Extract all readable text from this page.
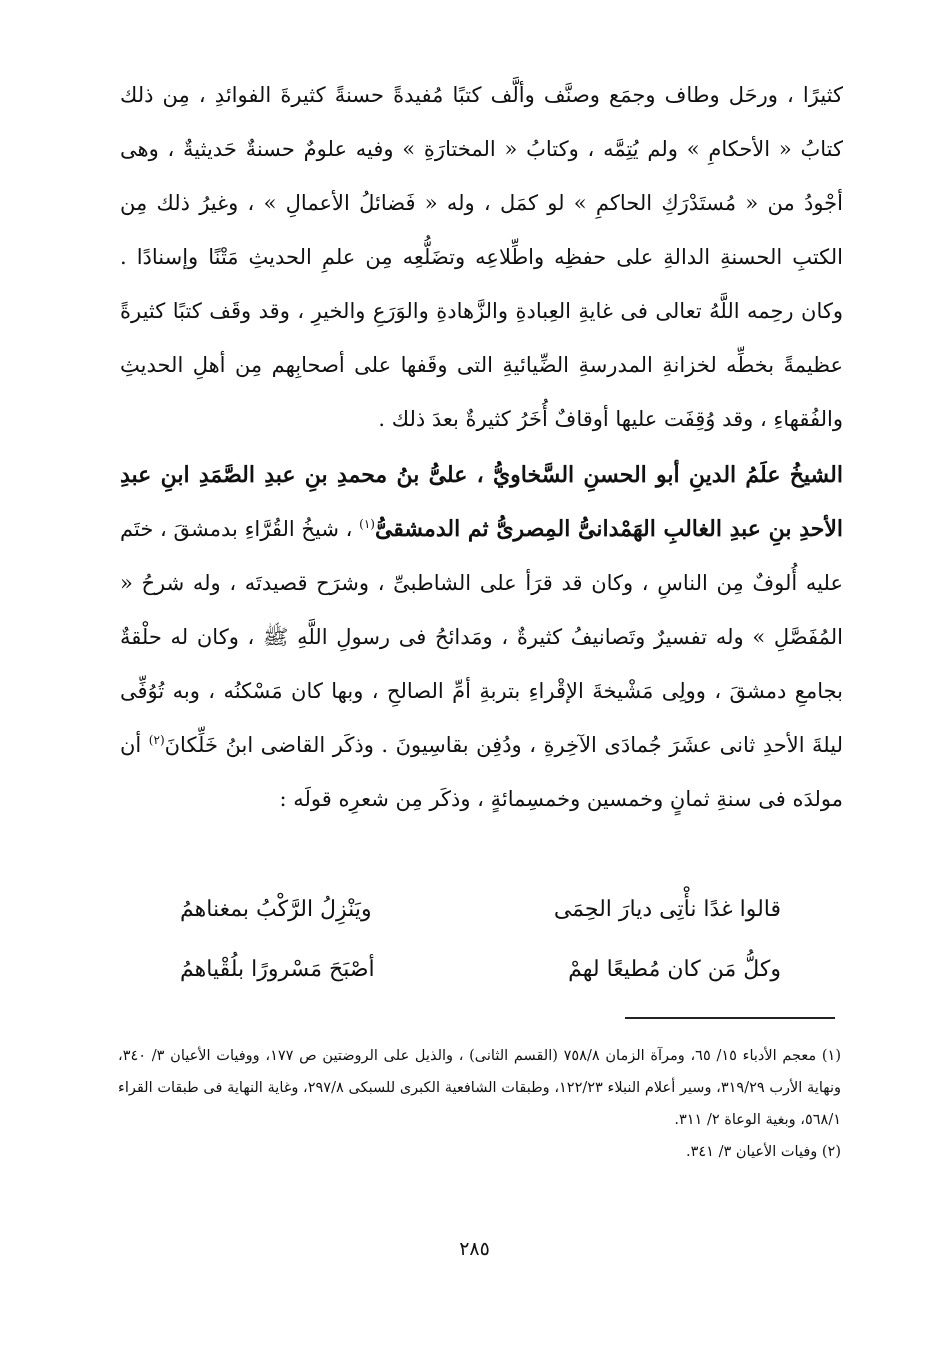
كثيرًا ، ورحَل وطاف وجمَع وصنَّف وألَّف كتبًا مُفيدةً حسنةً كثيرةَ الفوائدِ ، مِن ذلك كتابُ « الأحكامِ » ولم يُتِمَّه ، وكتابُ « المختارَةِ » وفيه علومٌ حسنةٌ حَديثيةٌ ، وهى أجْودُ من « مُستَدْرَكِ الحاكمِ » لو كمَل ، وله « فَضائلُ الأعمالِ » ، وغيرُ ذلك مِن الكتبِ الحسنةِ الدالةِ على حفظِه واطِّلاعِه وتضَلُّعِه مِن علمِ الحديثِ مَتْنًا وإسنادًا . وكان رحِمه اللَّهُ تعالى فى غايةِ العِبادةِ والزَّهادةِ والوَرَعِ والخيرِ ، وقد وقَف كتبًا كثيرةً عظيمةً بخطِّه لخزانةِ المدرسةِ الضِّيائيةِ التى وقَفها على أصحابِهم مِن أهلِ الحديثِ والفُقهاءِ ، وقد وُقِفَت عليها أوقافٌ أُخَرُ كثيرةٌ بعدَ ذلك .

الشيخُ علَمُ الدينِ أبو الحسنِ السَّخاويُّ ، علىُّ بنُ محمدِ بنِ عبدِ الصَّمَدِ ابنِ عبدِ الأحدِ بنِ عبدِ الغالبِ الهَمْدانىُّ المِصرىُّ ثم الدمشقىُّ$^{(١)}$ ، شيخُ القُرَّاءِ بدمشقَ ، ختَم عليه أُلوفٌ مِن الناسِ ، وكان قد قرَأ على الشاطبىِّ ، وشرَح قصيدتَه ، وله شرحُ « المُفَصَّلِ » وله تفسيرٌ وتَصانيفُ كثيرةٌ ، ومَدائحُ فى رسولِ اللَّهِ ﷺ ، وكان له حلْقةٌ بجامعِ دمشقَ ، وولِى مَشْيخةَ الإقْراءِ بتربةِ أمِّ الصالحِ ، وبها كان مَسْكنُه ، وبه تُوُفِّى ليلةَ الأحدِ ثانى عشَرَ جُمادَى الآخِرةِ ، ودُفِن بقاسِيونَ . وذكَر القاضى ابنُ خَلِّكانَ$^{(٢)}$ أن مولدَه فى سنةِ ثمانٍ وخمسين وخمسِمائةٍ ، وذكَر مِن شعرِه قولَه :

قالوا غدًا نأْتِى ديارَ الحِمَى
ويَنْزِلُ الرَّكْبُ بمغناهمُ
وكلُّ مَن كان مُطيعًا لهمْ
أصْبَحَ مَسْرورًا بلُقْياهمُ

(١) معجم الأدباء ١٥/ ٦٥، ومرآة الزمان ٧٥٨/٨ (القسم الثانى) ، والذيل على الروضتين ص ١٧٧، ووفيات الأعيان ٣/ ٣٤٠، ونهاية الأرب ٣١٩/٢٩، وسير أعلام النبلاء ١٢٢/٢٣، وطبقات الشافعية الكبرى للسبكى ٢٩٧/٨، وغاية النهاية فى طبقات القراء ٥٦٨/١، وبغية الوعاة ٢/ ٣١١.

(٢) وفيات الأعيان ٣/ ٣٤١.

٢٨٥
